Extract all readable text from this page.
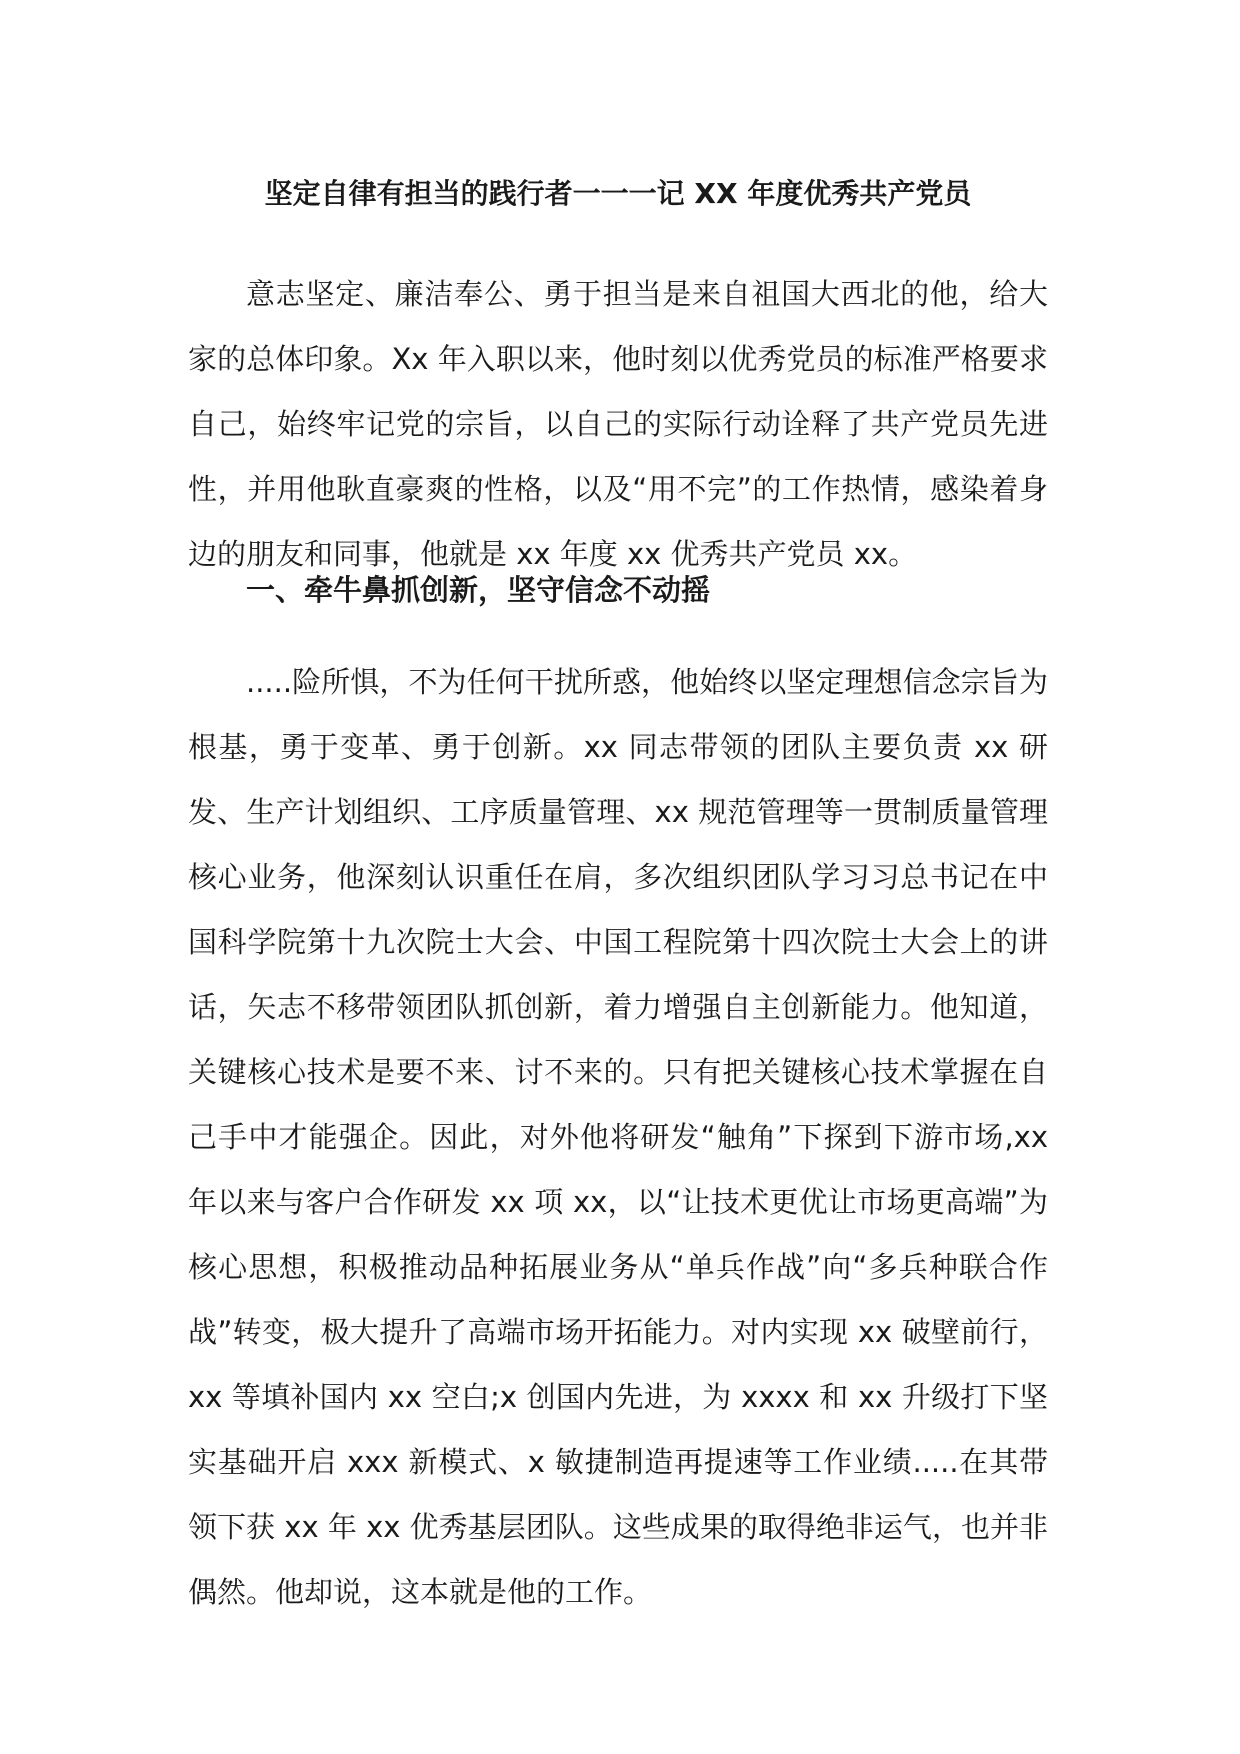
坚定自律有担当的践行者一一一记 XX 年度优秀共产党员

意志坚定、廉洁奉公、勇于担当是来自祖国大西北的他，给大家的总体印象。Xx 年入职以来，他时刻以优秀党员的标准严格要求自己，始终牢记党的宗旨，以自己的实际行动诠释了共产党员先进性，并用他耿直豪爽的性格，以及“用不完”的工作热情，感染着身边的朋友和同事，他就是 xx 年度 xx 优秀共产党员 xx。

一、牵牛鼻抓创新，坚守信念不动摇

.....险所惧，不为任何干扰所惑，他始终以坚定理想信念宗旨为根基，勇于变革、勇于创新。xx 同志带领的团队主要负责 xx 研发、生产计划组织、工序质量管理、xx 规范管理等一贯制质量管理核心业务，他深刻认识重任在肩，多次组织团队学习习总书记在中国科学院第十九次院士大会、中国工程院第十四次院士大会上的讲话，矢志不移带领团队抓创新，着力增强自主创新能力。他知道，关键核心技术是要不来、讨不来的。只有把关键核心技术掌握在自己手中才能强企。因此，对外他将研发“触角”下探到下游市场,xx 年以来与客户合作研发 xx 项 xx，以“让技术更优让市场更高端”为核心思想，积极推动品种拓展业务从“单兵作战”向“多兵种联合作战”转变，极大提升了高端市场开拓能力。对内实现 xx 破壁前行，xx 等填补国内 xx 空白;x 创国内先进，为 xxxx 和 xx 升级打下坚实基础开启 xxx 新模式、x 敏捷制造再提速等工作业绩.....在其带领下获 xx 年 xx 优秀基层团队。这些成果的取得绝非运气，也并非偶然。他却说，这本就是他的工作。
